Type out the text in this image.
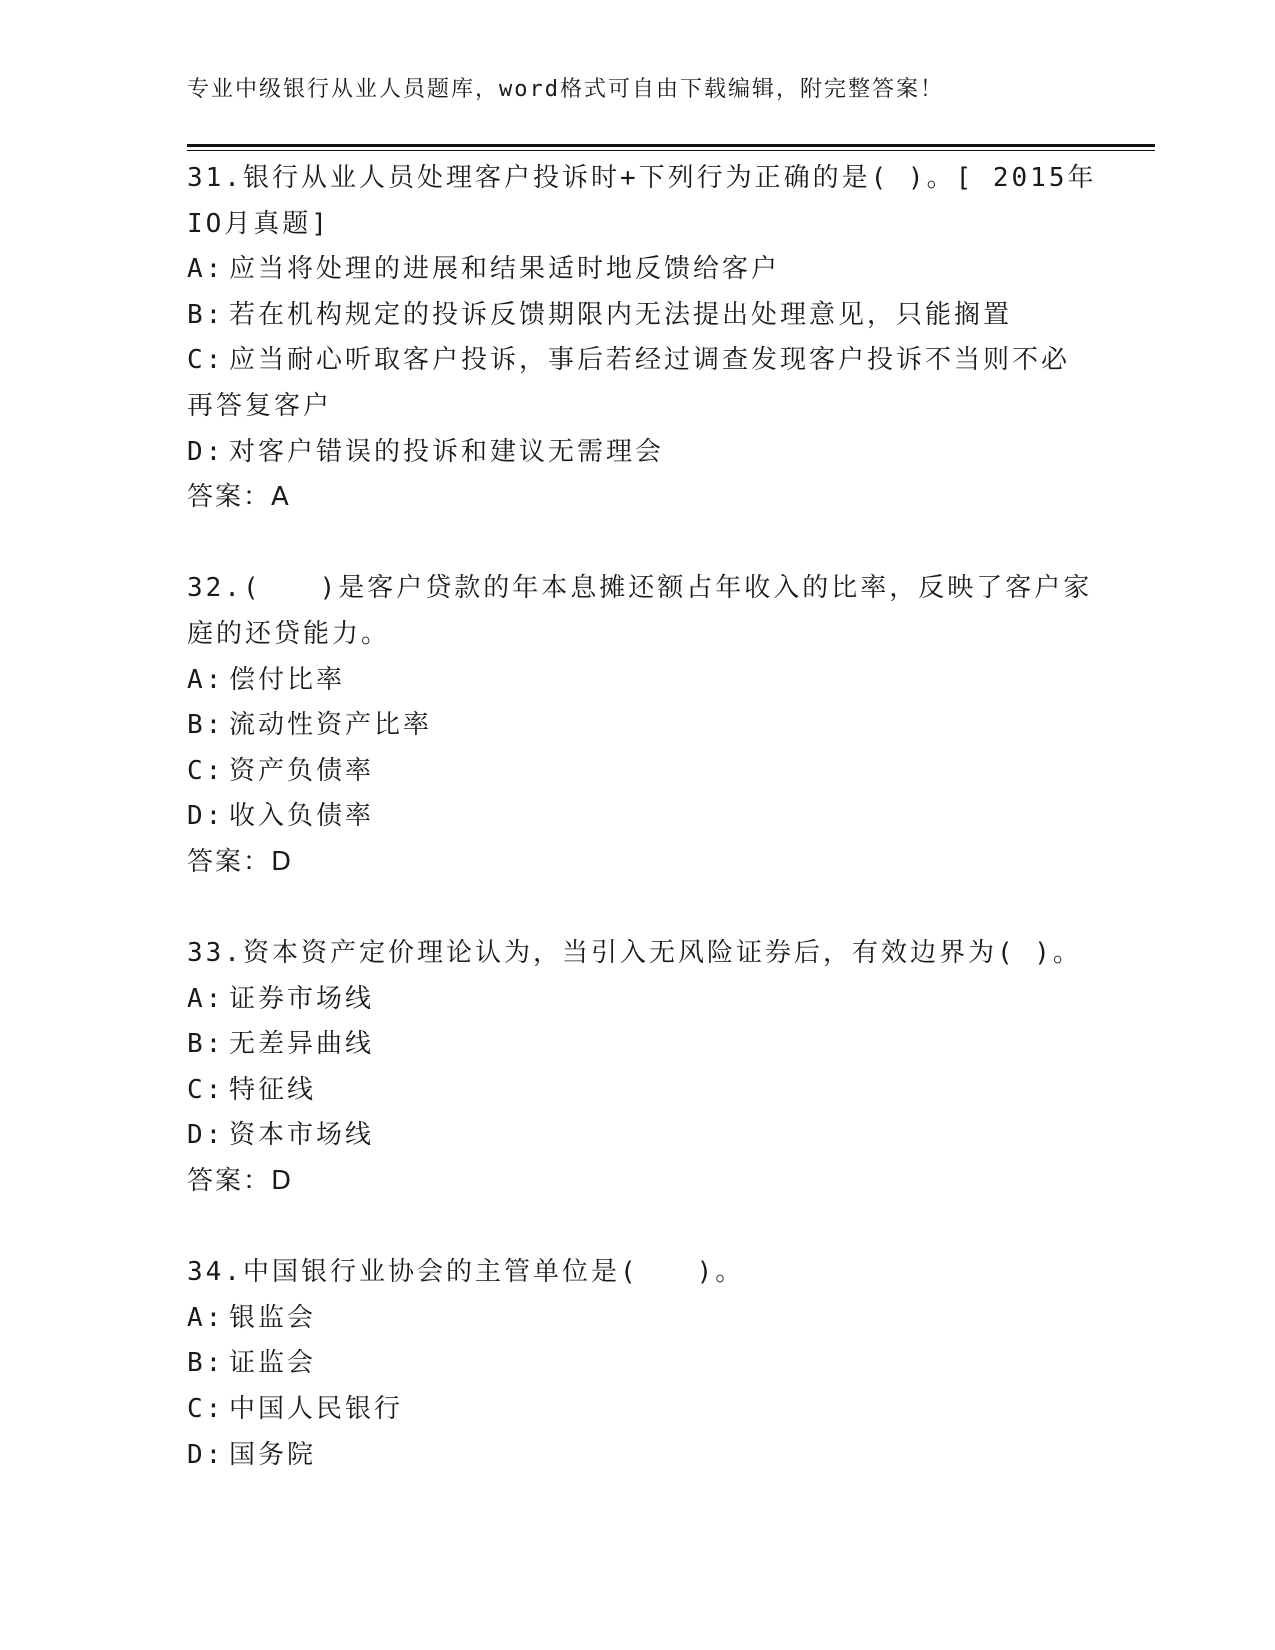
专业中级银行从业人员题库，word格式可自由下载编辑，附完整答案！
31.银行从业人员处理客户投诉时+下列行为正确的是( )。[ 2015年
IO月真题]
A: 应当将处理的进展和结果适时地反馈给客户
B: 若在机构规定的投诉反馈期限内无法提出处理意见，只能搁置
C: 应当耐心听取客户投诉，事后若经过调查发现客户投诉不当则不必
再答复客户
D: 对客户错误的投诉和建议无需理会
答案：A
32.(　　)是客户贷款的年本息摊还额占年收入的比率，反映了客户家
庭的还贷能力。
A: 偿付比率
B: 流动性资产比率
C: 资产负债率
D: 收入负债率
答案：D
33.资本资产定价理论认为，当引入无风险证券后，有效边界为( )。
A: 证券市场线
B: 无差异曲线
C: 特征线
D: 资本市场线
答案：D
34.中国银行业协会的主管单位是(　　)。
A: 银监会
B: 证监会
C: 中国人民银行
D: 国务院
